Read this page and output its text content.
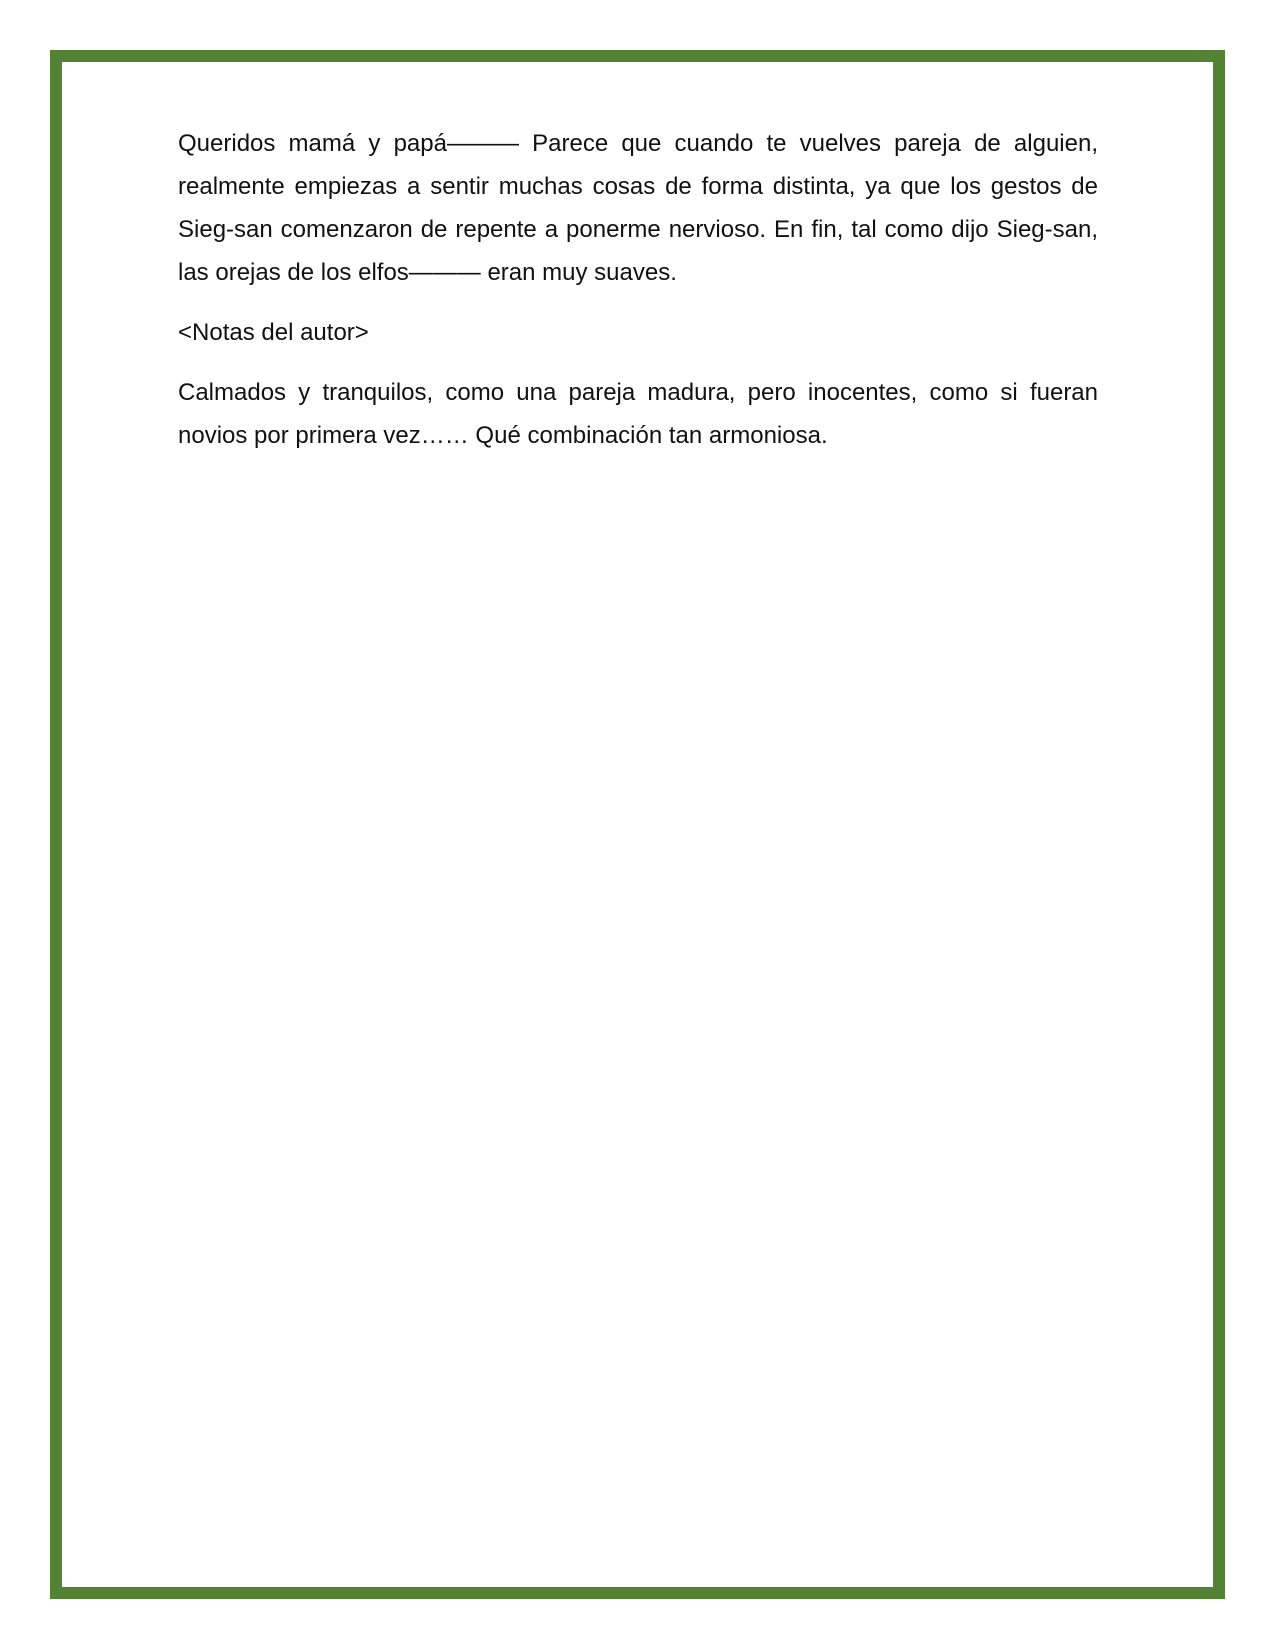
Queridos mamá y papá——— Parece que cuando te vuelves pareja de alguien, realmente empiezas a sentir muchas cosas de forma distinta, ya que los gestos de Sieg-san comenzaron de repente a ponerme nervioso. En fin, tal como dijo Sieg-san, las orejas de los elfos——— eran muy suaves.

<Notas del autor>

Calmados y tranquilos, como una pareja madura, pero inocentes, como si fueran novios por primera vez…… Qué combinación tan armoniosa.
